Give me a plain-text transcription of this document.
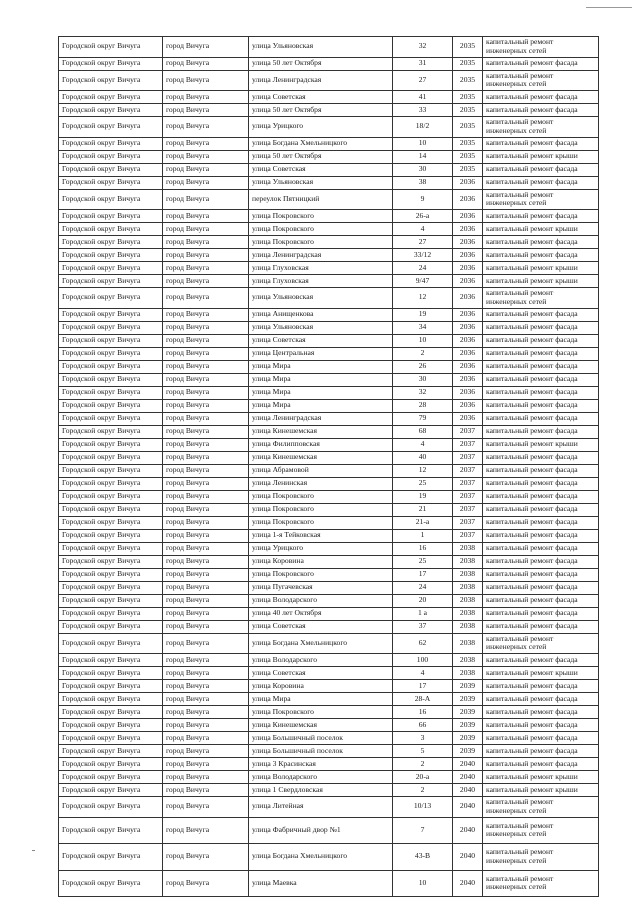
Городской округ Вичуга	город Вичуга	улица Ульяновская	32	2035	капитальный ремонт инженерных сетей
Городской округ Вичуга	город Вичуга	улица 50 лет Октября	31	2035	капитальный ремонт фасада
Городской округ Вичуга	город Вичуга	улица Ленинградская	27	2035	капитальный ремонт инженерных сетей
Городской округ Вичуга	город Вичуга	улица Советская	41	2035	капитальный ремонт фасада
Городской округ Вичуга	город Вичуга	улица 50 лет Октября	33	2035	капитальный ремонт фасада
Городской округ Вичуга	город Вичуга	улица Урицкого	18/2	2035	капитальный ремонт инженерных сетей
Городской округ Вичуга	город Вичуга	улица Богдана Хмельницкого	10	2035	капитальный ремонт фасада
Городской округ Вичуга	город Вичуга	улица 50 лет Октября	14	2035	капитальный ремонт крыши
Городской округ Вичуга	город Вичуга	улица Советская	30	2035	капитальный ремонт фасада
Городской округ Вичуга	город Вичуга	улица Ульяновская	38	2036	капитальный ремонт фасада
Городской округ Вичуга	город Вичуга	переулок Пятницкий	9	2036	капитальный ремонт инженерных сетей
Городской округ Вичуга	город Вичуга	улица Покровского	26-а	2036	капитальный ремонт фасада
Городской округ Вичуга	город Вичуга	улица Покровского	4	2036	капитальный ремонт крыши
Городской округ Вичуга	город Вичуга	улица Покровского	27	2036	капитальный ремонт фасада
Городской округ Вичуга	город Вичуга	улица Ленинградская	33/12	2036	капитальный ремонт фасада
Городской округ Вичуга	город Вичуга	улица Глуховская	24	2036	капитальный ремонт крыши
Городской округ Вичуга	город Вичуга	улица Глуховская	9/47	2036	капитальный ремонт крыши
Городской округ Вичуга	город Вичуга	улица Ульяновская	12	2036	капитальный ремонт инженерных сетей
Городской округ Вичуга	город Вичуга	улица Анищенкова	19	2036	капитальный ремонт фасада
Городской округ Вичуга	город Вичуга	улица Ульяновская	34	2036	капитальный ремонт фасада
Городской округ Вичуга	город Вичуга	улица Советская	10	2036	капитальный ремонт фасада
Городской округ Вичуга	город Вичуга	улица Центральная	2	2036	капитальный ремонт фасада
Городской округ Вичуга	город Вичуга	улица Мира	26	2036	капитальный ремонт фасада
Городской округ Вичуга	город Вичуга	улица Мира	30	2036	капитальный ремонт фасада
Городской округ Вичуга	город Вичуга	улица Мира	32	2036	капитальный ремонт фасада
Городской округ Вичуга	город Вичуга	улица Мира	28	2036	капитальный ремонт фасада
Городской округ Вичуга	город Вичуга	улица Ленинградская	79	2036	капитальный ремонт фасада
Городской округ Вичуга	город Вичуга	улица Кинешемская	68	2037	капитальный ремонт фасада
Городской округ Вичуга	город Вичуга	улица Филипповская	4	2037	капитальный ремонт крыши
Городской округ Вичуга	город Вичуга	улица Кинешемская	40	2037	капитальный ремонт фасада
Городской округ Вичуга	город Вичуга	улица Абрамовой	12	2037	капитальный ремонт фасада
Городской округ Вичуга	город Вичуга	улица Ленинская	25	2037	капитальный ремонт фасада
Городской округ Вичуга	город Вичуга	улица Покровского	19	2037	капитальный ремонт фасада
Городской округ Вичуга	город Вичуга	улица Покровского	21	2037	капитальный ремонт фасада
Городской округ Вичуга	город Вичуга	улица Покровского	21-а	2037	капитальный ремонт фасада
Городской округ Вичуга	город Вичуга	улица 1-я Тейковская	1	2037	капитальный ремонт фасада
Городской округ Вичуга	город Вичуга	улица Урицкого	16	2038	капитальный ремонт фасада
Городской округ Вичуга	город Вичуга	улица Коровина	25	2038	капитальный ремонт фасада
Городской округ Вичуга	город Вичуга	улица Покровского	17	2038	капитальный ремонт фасада
Городской округ Вичуга	город Вичуга	улица Пугачевская	24	2038	капитальный ремонт фасада
Городской округ Вичуга	город Вичуга	улица Володарского	20	2038	капитальный ремонт фасада
Городской округ Вичуга	город Вичуга	улица 40 лет Октября	1 а	2038	капитальный ремонт фасада
Городской округ Вичуга	город Вичуга	улица Советская	37	2038	капитальный ремонт фасада
Городской округ Вичуга	город Вичуга	улица Богдана Хмельницкого	62	2038	капитальный ремонт инженерных сетей
Городской округ Вичуга	город Вичуга	улица Володарского	100	2038	капитальный ремонт фасада
Городской округ Вичуга	город Вичуга	улица Советская	4	2038	капитальный ремонт крыши
Городской округ Вичуга	город Вичуга	улица Коровина	17	2039	капитальный ремонт фасада
Городской округ Вичуга	город Вичуга	улица Мира	28-А	2039	капитальный ремонт фасада
Городской округ Вичуга	город Вичуга	улица Покровского	16	2039	капитальный ремонт фасада
Городской округ Вичуга	город Вичуга	улица Кинешемская	66	2039	капитальный ремонт фасада
Городской округ Вичуга	город Вичуга	улица Большичный поселок	3	2039	капитальный ремонт фасада
Городской округ Вичуга	город Вичуга	улица Большичный поселок	5	2039	капитальный ремонт фасада
Городской округ Вичуга	город Вичуга	улица 3 Красинская	2	2040	капитальный ремонт фасада
Городской округ Вичуга	город Вичуга	улица Володарского	20-а	2040	капитальный ремонт крыши
Городской округ Вичуга	город Вичуга	улица 1 Свердловская	2	2040	капитальный ремонт крыши
Городской округ Вичуга	город Вичуга	улица Литейная	10/13	2040	капитальный ремонт инженерных сетей
Городской округ Вичуга	город Вичуга	улица Фабричный двор №1	7	2040	капитальный ремонт инженерных сетей
Городской округ Вичуга	город Вичуга	улица Богдана Хмельницкого	43-В	2040	капитальный ремонт инженерных сетей
Городской округ Вичуга	город Вичуга	улица Маевка	10	2040	капитальный ремонт инженерных сетей
